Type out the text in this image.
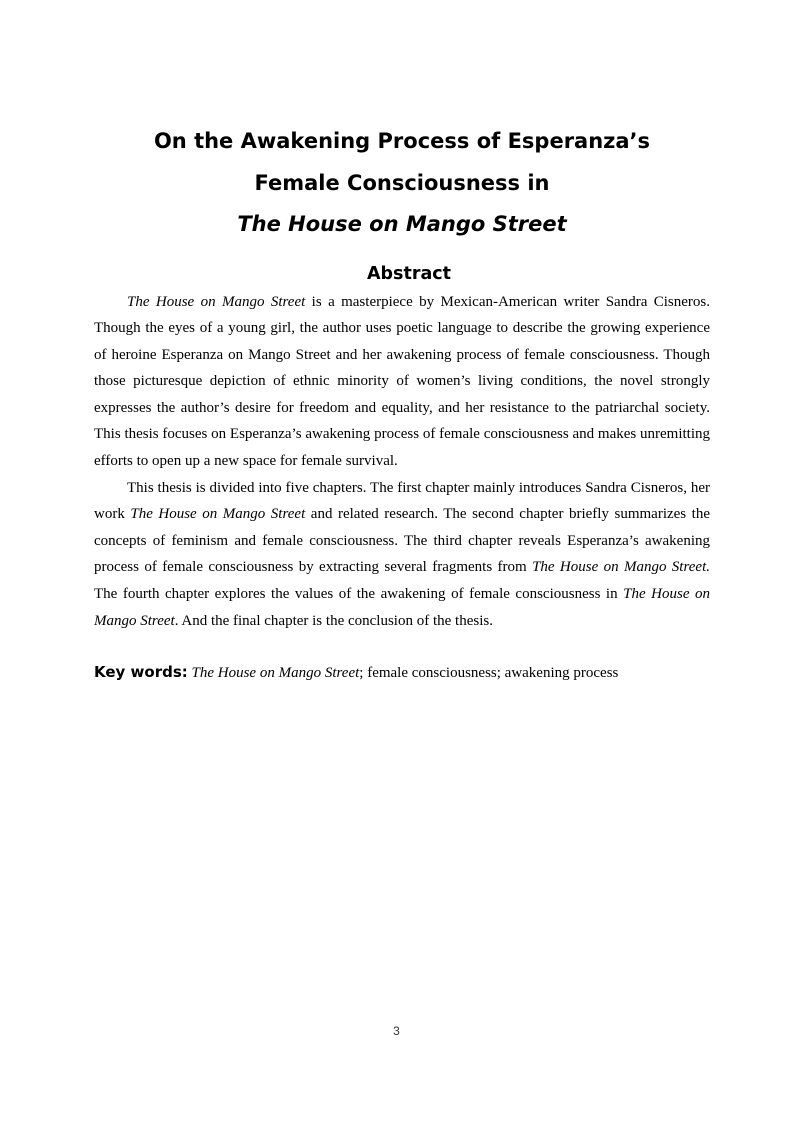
On the Awakening Process of Esperanza’s
Female Consciousness in
The House on Mango Street
Abstract

The House on Mango Street is a masterpiece by Mexican-American writer Sandra Cisneros. Though the eyes of a young girl, the author uses poetic language to describe the growing experience of heroine Esperanza on Mango Street and her awakening process of female consciousness. Though those picturesque depiction of ethnic minority of women’s living conditions, the novel strongly expresses the author’s desire for freedom and equality, and her resistance to the patriarchal society. This thesis focuses on Esperanza’s awakening process of female consciousness and makes unremitting efforts to open up a new space for female survival.

This thesis is divided into five chapters. The first chapter mainly introduces Sandra Cisneros, her work The House on Mango Street and related research. The second chapter briefly summarizes the concepts of feminism and female consciousness. The third chapter reveals Esperanza’s awakening process of female consciousness by extracting several fragments from The House on Mango Street. The fourth chapter explores the values of the awakening of female consciousness in The House on Mango Street. And the final chapter is the conclusion of the thesis.

Key words: The House on Mango Street; female consciousness; awakening process

3
